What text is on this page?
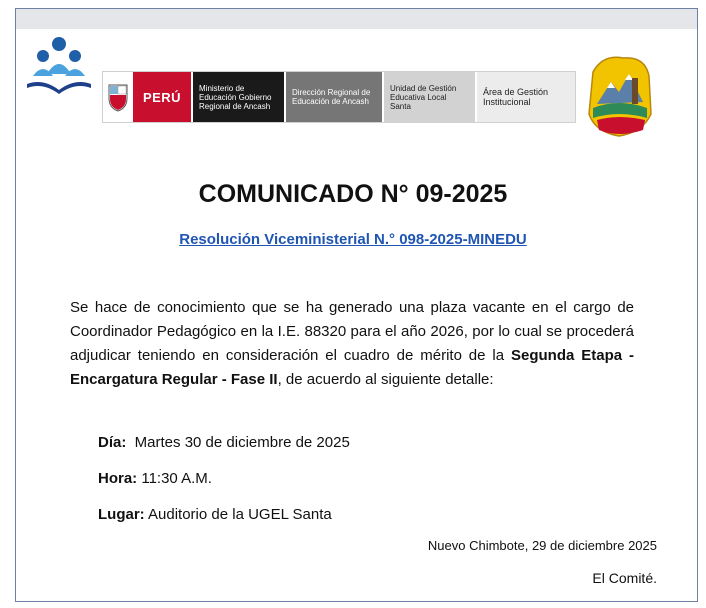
PERÚ
Ministerio de Educación Gobierno Regional de Ancash
Dirección Regional de Educación de Ancash
Unidad de Gestión Educativa Local Santa
Área de Gestión Institucional
COMUNICADO N° 09-2025
Resolución Viceministerial N.° 098-2025-MINEDU
Se hace de conocimiento que se ha generado una plaza vacante en el cargo de Coordinador Pedagógico en la I.E. 88320 para el año 2026, por lo cual se procederá adjudicar teniendo en consideración el cuadro de mérito de la Segunda Etapa - Encargatura Regular - Fase II, de acuerdo al siguiente detalle:
Día:  Martes 30 de diciembre de 2025
Hora: 11:30 A.M.
Lugar: Auditorio de la UGEL Santa
Nuevo Chimbote, 29 de diciembre 2025
El Comité.
